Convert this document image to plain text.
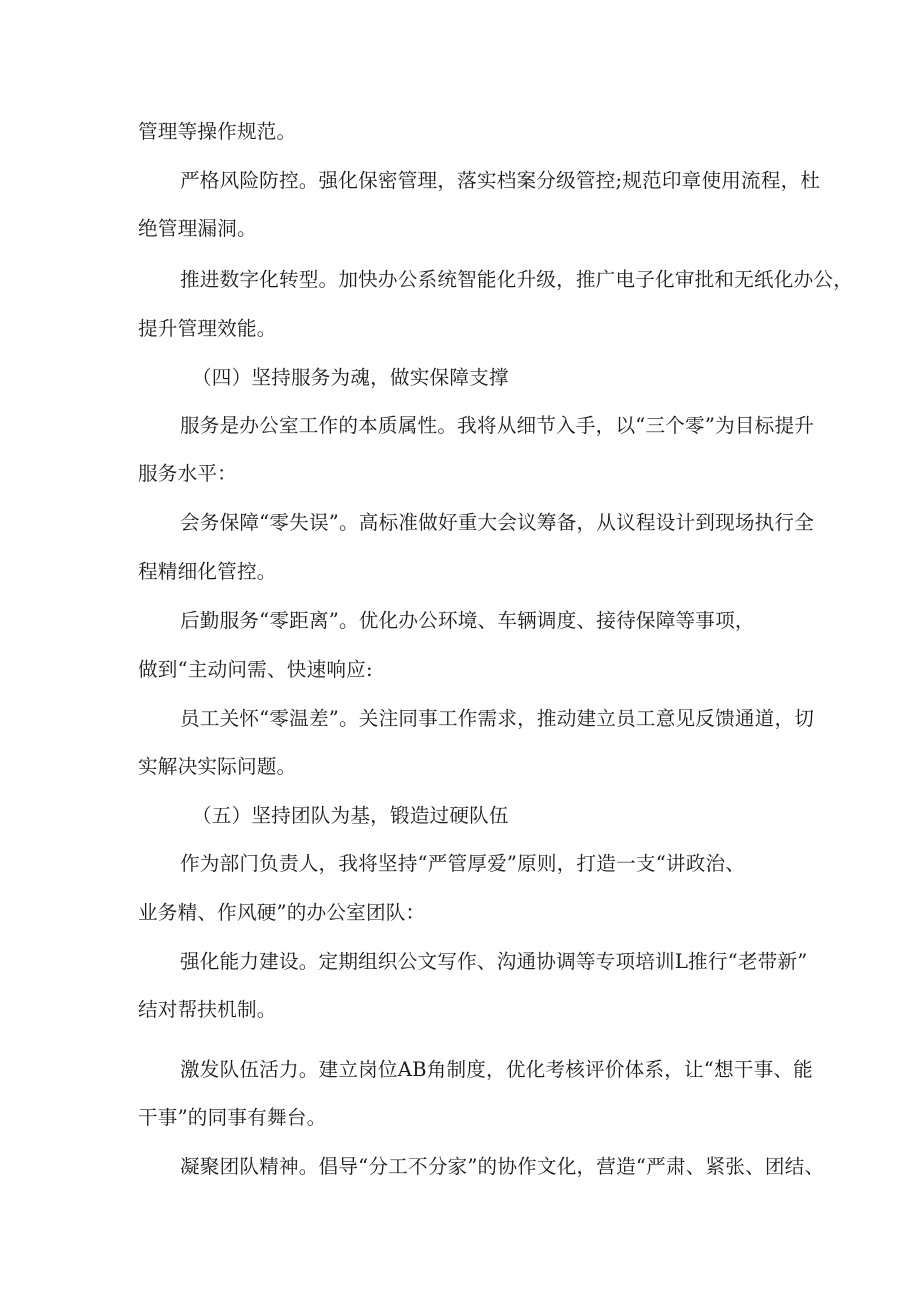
管理等操作规范。

严格风险防控。强化保密管理，落实档案分级管控;规范印章使用流程，杜

绝管理漏洞。

推进数字化转型。加快办公系统智能化升级，推广电子化审批和无纸化办公，

提升管理效能。

（四）坚持服务为魂，做实保障支撑

服务是办公室工作的本质属性。我将从细节入手，以“三个零”为目标提升

服务水平：

会务保障“零失误”。高标准做好重大会议筹备，从议程设计到现场执行全

程精细化管控。

后勤服务“零距离”。优化办公环境、车辆调度、接待保障等事项，

做到“主动问需、快速响应:

员工关怀“零温差”。关注同事工作需求，推动建立员工意见反馈通道，切

实解决实际问题。

（五）坚持团队为基，锻造过硬队伍

作为部门负责人，我将坚持“严管厚爱”原则，打造一支“讲政治、

业务精、作风硬”的办公室团队：

强化能力建设。定期组织公文写作、沟通协调等专项培训L推行“老带新”

结对帮扶机制。

激发队伍活力。建立岗位AB角制度，优化考核评价体系，让“想干事、能

干事”的同事有舞台。

凝聚团队精神。倡导“分工不分家”的协作文化，营造“严肃、紧张、团结、
